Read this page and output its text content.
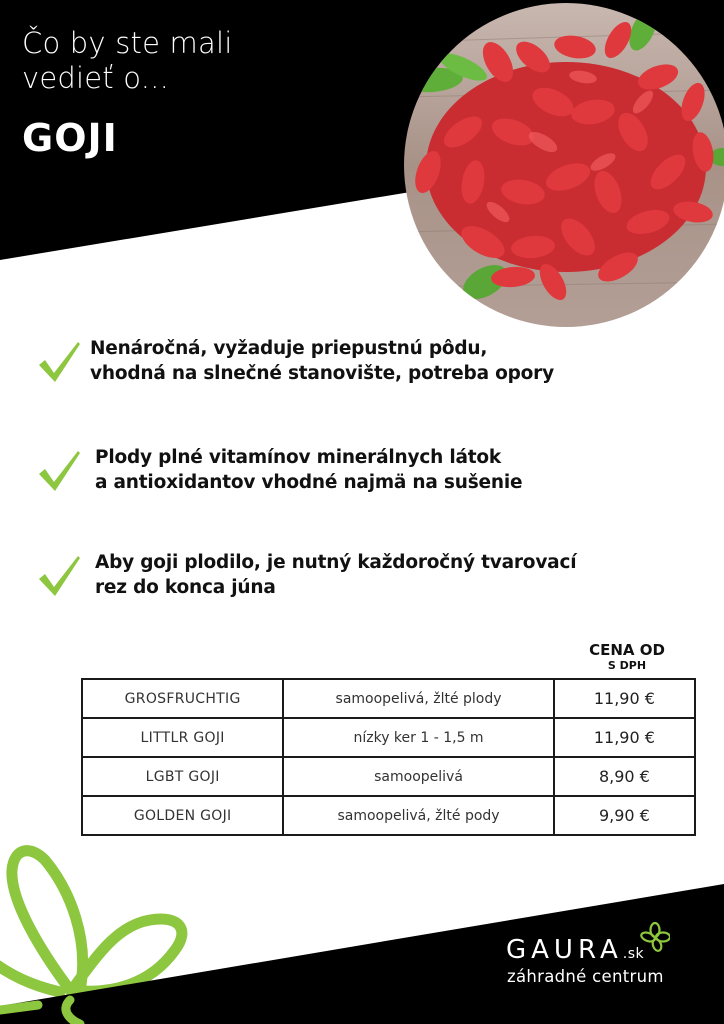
Čo by ste mali

vedieť o...

GOJI
Nenáročná, vyžaduje priepustnú pôdu,
vhodná na slnečné stanovište, potreba opory
Plody plné vitamínov minerálnych látok
a antioxidantov vhodné najmä na sušenie
Aby goji plodilo, je nutný každoročný tvarovací
rez do konca júna
CENA OD
S DPH
GROSFRUCHTIG	samoopelivá, žlté plody	11,90 €
LITTLR GOJI	nízky ker 1 - 1,5 m	11,90 €
LGBT GOJI	samoopelivá	8,90 €
GOLDEN GOJI	samoopelivá, žlté pody	9,90 €
GAURA.sk
záhradné centrum
